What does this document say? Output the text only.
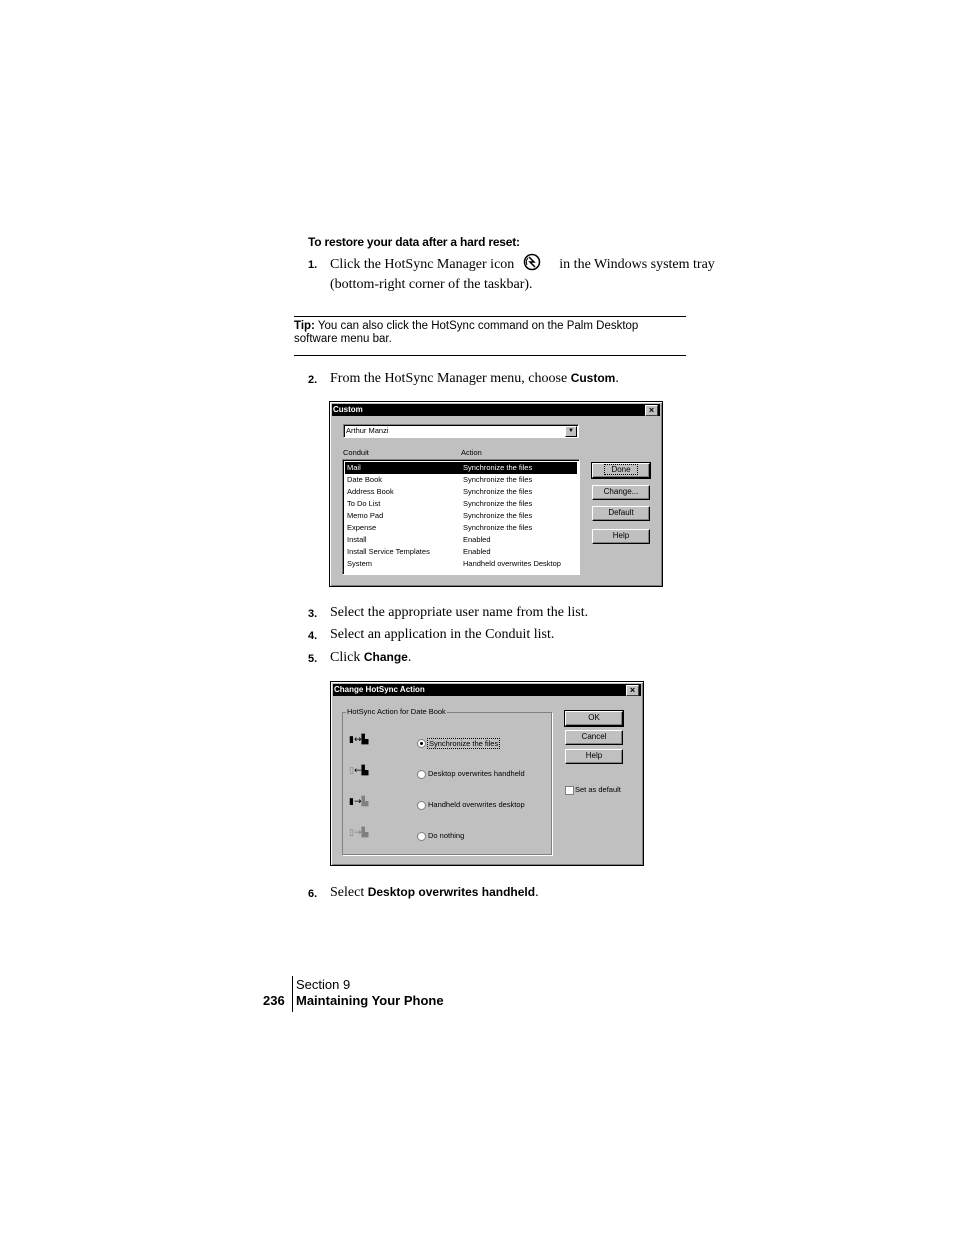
To restore your data after a hard reset:
1. Click the HotSync Manager icon	in the Windows system tray
(bottom-right corner of the taskbar).
Tip: You can also click the HotSync command on the Palm Desktop
software menu bar.
2. From the HotSync Manager menu, choose Custom.
Custom	×
Arthur Manzi	▼
Conduit	Action
Mail	Synchronize the files
Date Book	Synchronize the files
Address Book	Synchronize the files
To Do List	Synchronize the files
Memo Pad	Synchronize the files
Expense	Synchronize the files
Install	Enabled
Install Service Templates	Enabled
System	Handheld overwrites Desktop
Done
Change...
Default
Help
3. Select the appropriate user name from the list.
4. Select an application in the Conduit list.
5. Click Change.
Change HotSync Action	×
HotSync Action for Date Book
▮↔▙
▯←▙
▮→▙
▯→▙
Synchronize the files
Desktop overwrites handheld
Handheld overwrites desktop
Do nothing
OK
Cancel
Help
Set as default
6. Select Desktop overwrites handheld.
Section 9
236 Maintaining Your Phone
